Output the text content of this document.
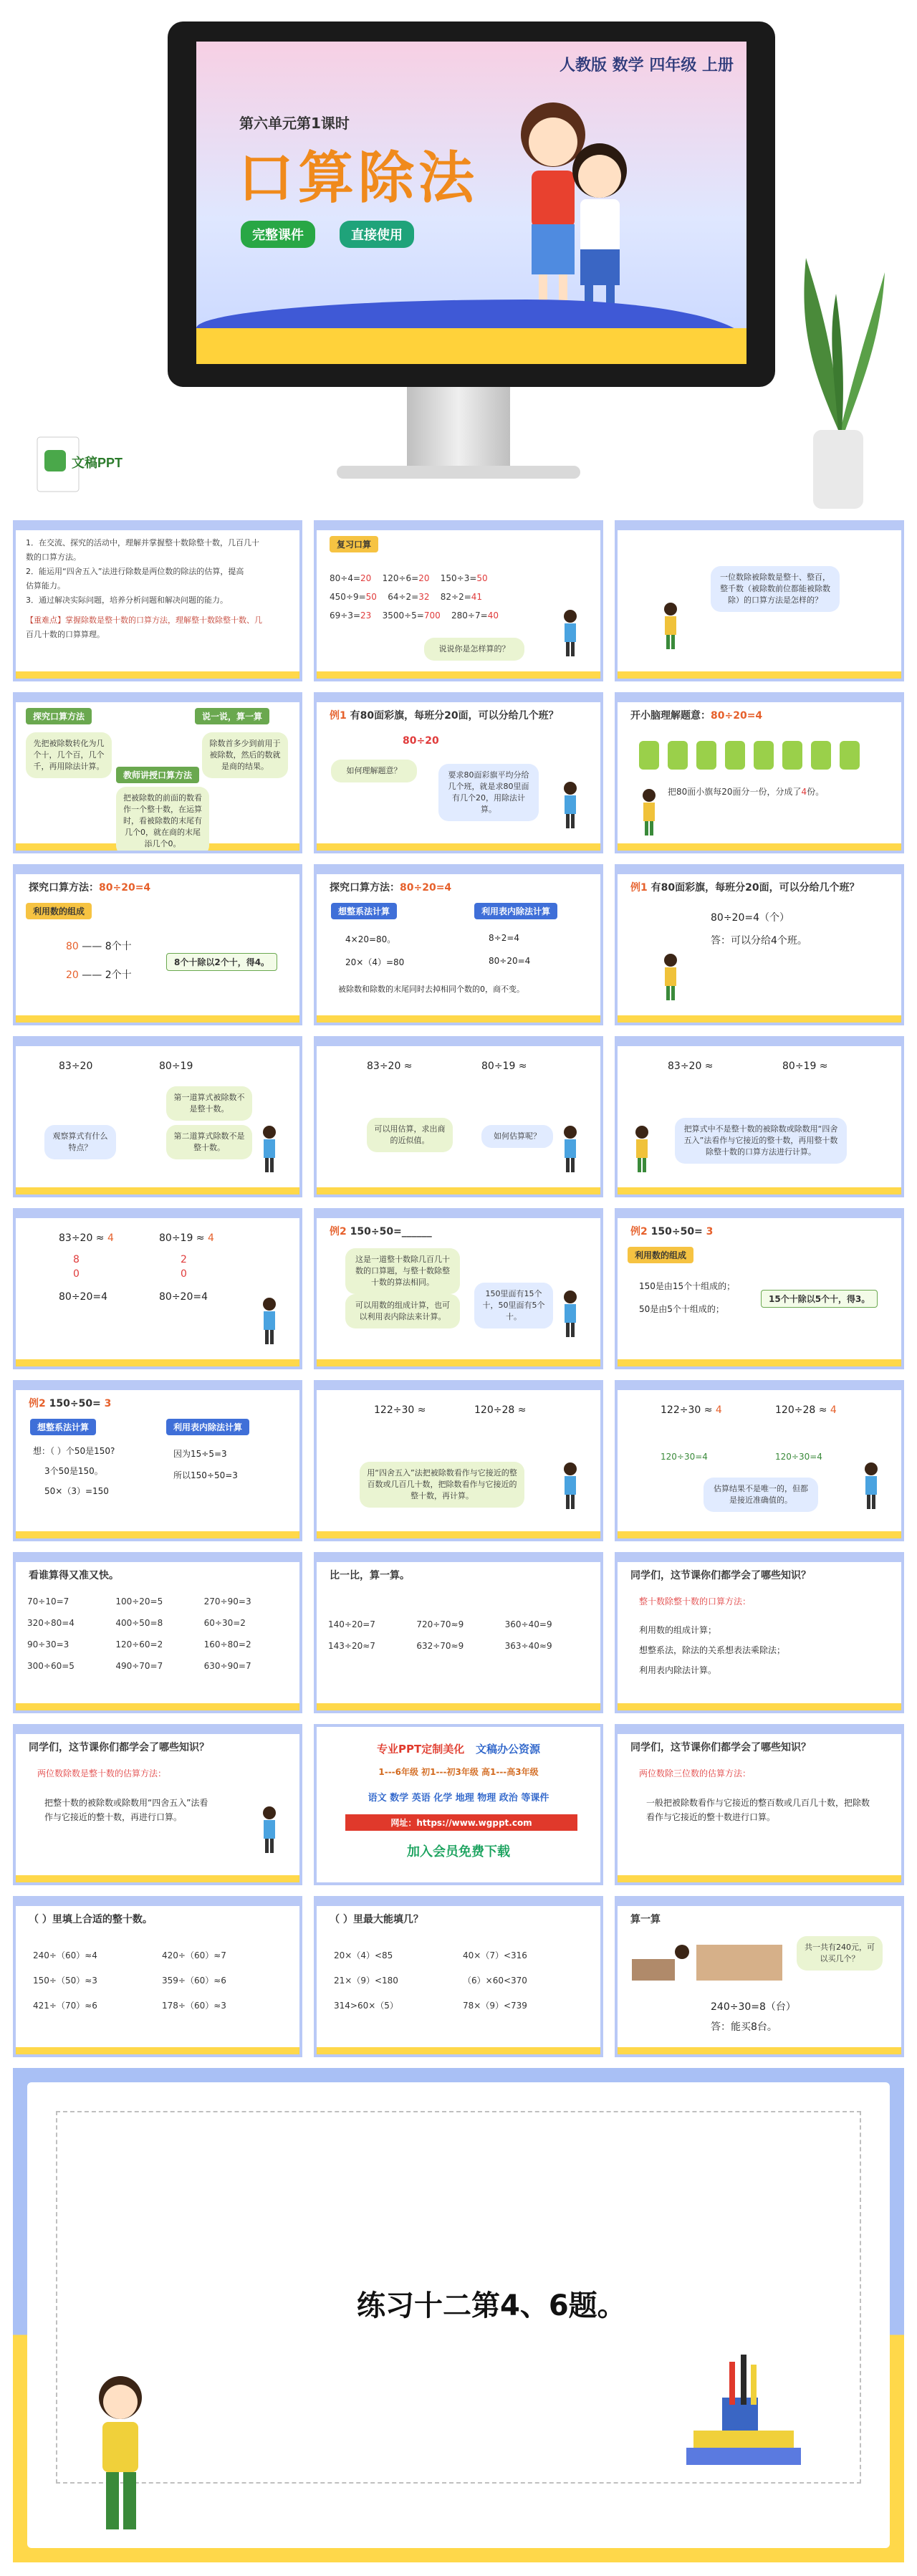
人教版 数学 四年级 上册
第六单元第1课时
口算除法
完整课件	直接使用
文稿PPT
1．在交流、探究的活动中，理解并掌握整十数除整十数，几百几十
数的口算方法。
2．能运用“四舍五入”法进行除数是两位数的除法的估算，提高
估算能力。
3．通过解决实际问题，培养分析问题和解决问题的能力。
【重难点】掌握除数是整十数的口算方法，理解整十数除整十数、几
百几十数的口算算理。
复习口算
80÷4=20 120÷6=20 150÷3=50
450÷9=50 64÷2=32 82÷2=41
69÷3=23 3500÷5=700 280÷7=40
说说你是怎样算的？
一位数除被除数是整十、整百，整千数（被除数前位都能被除数除）的口算方法是怎样的？
探究口算方法	说一说，算一算
先把被除数转化为几个十，几个百，几个千，再用除法计算。
除数首多少到前用于被除数，然后的数就是商的结果。
教师讲授口算方法
把被除数的前面的数看作一个整十数，在运算时，看被除数的末尾有几个0，就在商的末尾添几个0。
例1 有80面彩旗，每班分20面，可以分给几个班？
80÷20
如何理解题意？	要求80面彩旗平均分给几个班，就是求80里面有几个20，用除法计算。
开小脑理解题意：80÷20=4
把80面小旗每20面分一份，分成了4份。
探究口算方法：80÷20=4
利用数的组成
80 —— 8个十
20 —— 2个十
8个十除以2个十，得4。
探究口算方法：80÷20=4
想整系法计算	利用表内除法计算
4×20=80。	8÷2=4
20×（4）=80	80÷20=4
被除数和除数的末尾同时去掉相同个数的0，商不变。
例1 有80面彩旗，每班分20面，可以分给几个班？
80÷20=4（个）
答：可以分给4个班。
83÷20	80÷19
第一道算式被除数不是整十数。
第二道算式除数不是整十数。
观察算式有什么特点？
83÷20 ≈	80÷19 ≈
可以用估算，求出商的近似值。	如何估算呢？
83÷20 ≈	80÷19 ≈
把算式中不是整十数的被除数或除数用“四舍五入”法看作与它接近的整十数，再用整十数除整十数的口算方法进行计算。
83÷20 ≈ 4	80÷19 ≈ 4
8
0
2
0
80÷20=4	80÷20=4
例2 150÷50=______
这是一道整十数除几百几十数的口算题，与整十数除整十数的算法相同。
可以用数的组成计算，也可以利用表内除法来计算。
150里面有15个十，50里面有5个十。
例2 150÷50= 3
利用数的组成
150是由15个十组成的；
50是由5个十组成的；
15个十除以5个十，得3。
例2 150÷50= 3
想整系法计算	利用表内除法计算
想：（ ）个50是150?
3个50是150。
50×（3）=150
因为15÷5=3
所以150÷50=3
122÷30 ≈	120÷28 ≈
用“四舍五入”法把被除数看作与它接近的整百数或几百几十数，把除数看作与它接近的整十数，再计算。
122÷30 ≈ 4	120÷28 ≈ 4
120÷30=4	120÷30=4
估算结果不是唯一的，但都是接近准确值的。
看谁算得又准又快。
70÷10=7	100÷20=5	270÷90=3
320÷80=4	400÷50=8	60÷30=2
90÷30=3	120÷60=2	160÷80=2
300÷60=5	490÷70=7	630÷90=7
比一比，算一算。
140÷20=7	720÷70≈9	360÷40=9
143÷20≈7	632÷70≈9	363÷40≈9
同学们，这节课你们都学会了哪些知识？
整十数除整十数的口算方法：
利用数的组成计算；
想整系法，除法的关系想表法乘除法；
利用表内除法计算。
同学们，这节课你们都学会了哪些知识？
两位数除数是整十数的估算方法：
把整十数的被除数或除数用“四舍五入”法看作与它接近的整十数，再进行口算。
专业PPT定制美化 文稿办公资源
1---6年级 初1---初3年级 高1---高3年级
语文 数学 英语 化学 地理 物理 政治 等课件
网址：https://www.wgppt.com
加入会员免费下载
同学们，这节课你们都学会了哪些知识？
两位数除三位数的估算方法：
一般把被除数看作与它接近的整百数或几百几十数，把除数看作与它接近的整十数进行口算。
（ ）里填上合适的整十数。
240÷（60）≈4	420÷（60）≈7
150÷（50）≈3	359÷（60）≈6
421÷（70）≈6	178÷（60）≈3
（ ）里最大能填几？
20×（4）<85	40×（7）<316
21×（9）<180	（6）×60<370
314>60×（5）	78×（9）<739
算一算
共一共有240元，可以买几个？
240÷30=8（台）
答：能买8台。
练习十二第4、6题。
